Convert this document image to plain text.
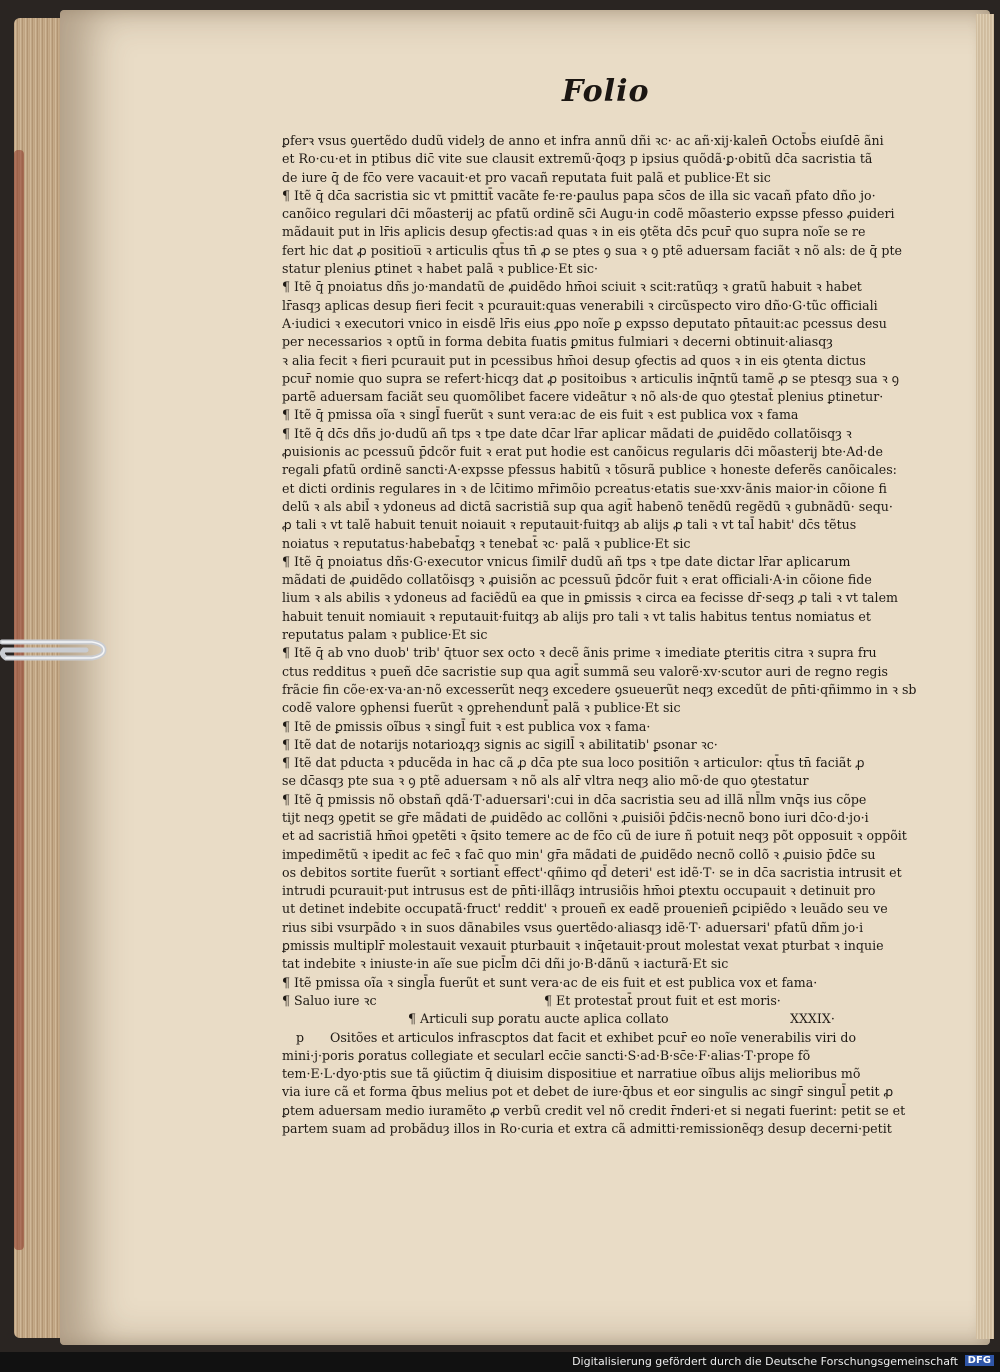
Folio
ꝑferꝛ vsus ꝯuertẽdo dudũ videlȝ de anno et infra annũ dñi ꝛc· ac añ·xij·kalen̄ Octob̄s eiuſdē ãni
et Ro·cu·et in ptibus dic̄ vite sue clausit extremũ·q̄oqȝ p ipsius quõdã·ꝑ·obitũ dc̄a sacristia tã
de iure q̄ de fc̄o vere vacauit·et pro vacañ reputata fuit palã et publice·Et sic
¶ Itẽ q̄ dc̄a sacristia sic vt pmittit̄ vacãte fe·re·ꝑaulus papa sc̄os de illa sic vacañ pfato dño jo·
canõico regulari dc̄i mõasterij ac pfatũ ordinẽ sc̄i Augu·in codẽ mõasterio expsse pfesso ꝓuideri
mãdauit put in lr̄is aplicis desup ꝯfectis:ad quas ꝛ in eis ꝯtẽta dc̄s pcur̄ quo supra noĩe se re
fert hic dat ꝓ positiou̅ ꝛ articulis qt̄us tn̄ ꝓ se ptes ꝯ sua ꝛ ꝯ ptẽ aduersam faciãt ꝛ nõ als: de q̄ pte
statur plenius ꝑtinet ꝛ habet palã ꝛ publice·Et sic·
¶ Itẽ q̄ pnoiatus dñs jo·mandatũ de ꝓuidẽdo hm̄oi sciuit ꝛ scit:ratũqȝ ꝛ gratũ habuit ꝛ habet
lr̄asqȝ aplicas desup fieri fecit ꝛ pcurauit:quas venerabili ꝛ circũspecto viro dño·G·tũc officiali
A·iudici ꝛ executori vnico in eisdẽ lr̄is eius ꝓpo noĩe ꝑ expsso deputato pn̄tauit:ac pcessus desu
per necessarios ꝛ optũ in forma debita fuatis ꝑmitus fulmiari ꝛ decerni obtinuit·aliasqȝ
ꝛ alia fecit ꝛ fieri pcurauit put in pcessibus hm̄oi desup ꝯfectis ad quos ꝛ in eis ꝯtenta dictus
pcur̄ nomie quo supra se refert·hicqȝ dat ꝓ positoibus ꝛ articulis inq̄ntũ tamẽ ꝓ se ptesqȝ sua ꝛ ꝯ
partẽ aduersam faciãt seu quomõlibet facere videãtur ꝛ nõ als·de quo ꝯtestat̄ plenius ꝑtinetur·
¶ Itẽ q̄ pmissa oĩa ꝛ singl̄ fuerũt ꝛ sunt vera:ac de eis fuit ꝛ est publica vox ꝛ fama
¶ Itẽ q̄ dc̄s dñs jo·dudũ añ tps ꝛ tpe date dc̄ar lr̄ar aplicar mãdati de ꝓuidẽdo collatõisqȝ ꝛ
ꝓuisionis ac pcessuũ p̄dcõr fuit ꝛ erat put hodie est canõicus regularis dc̄i mõasterij bte·Ad·de
regali ꝑfatũ ordinẽ sancti·A·expsse pfessus habitũ ꝛ tõsurã publice ꝛ honeste deferẽs canõicales:
et dicti ordinis regulares in ꝛ de lc̄itimo mr̄imõio pcreatus·etatis sue·xxv·ãnis maior·in cõione fi
delũ ꝛ als abil̄ ꝛ ydoneus ad dictã sacristiã sup qua agit̄ habenõ tenẽdũ regẽdũ ꝛ gubnãdũ· sequ·
ꝓ tali ꝛ vt talẽ habuit tenuit noiauit ꝛ reputauit·fuitqȝ ab alijs ꝓ tali ꝛ vt tal̄ habit' dc̄s tẽtus
noiatus ꝛ reputatus·habebat̄qȝ ꝛ tenebat̄ ꝛc· palã ꝛ publice·Et sic
¶ Itẽ q̄ pnoiatus dñs·G·executor vnicus ſimilr̄ dudũ añ tps ꝛ tpe date dictar lr̄ar aplicarum
mãdati de ꝓuidẽdo collatõisqȝ ꝛ ꝓuisiõn ac pcessuũ p̄dcõr fuit ꝛ erat officiali·A·in cõione fide
lium ꝛ als abilis ꝛ ydoneus ad faciẽdũ ea que in ꝑmissis ꝛ circa ea fecisse dr̄·seqȝ ꝓ tali ꝛ vt talem
habuit tenuit nomiauit ꝛ reputauit·fuitqȝ ab alijs pro tali ꝛ vt talis habitus tentus nomiatus et
reputatus palam ꝛ publice·Et sic
¶ Itẽ q̄ ab vno duob' trib' q̄tuor sex octo ꝛ decẽ ãnis prime ꝛ imediate ꝑteritis citra ꝛ supra fru
ctus redditus ꝛ pueñ dc̄e sacristie sup qua agit̄ summã seu valorẽ·xv·scutor auri de regno regis
frãcie fin cõe·ex·va·an·nõ excesserũt neqȝ excedere ꝯsueuerũt neqȝ excedũt de pn̄ti·qñimmo in ꝛ sb
codẽ valore ꝯphensi fuerũt ꝛ ꝯprehendunt̄ palã ꝛ publice·Et sic
¶ Itẽ de ꝑmissis oĩbus ꝛ singl̄ fuit ꝛ est publica vox ꝛ fama·
¶ Itẽ dat de notarijs notarioꝝqȝ signis ac sigill̄ ꝛ abilitatib' ꝑsonar ꝛc·
¶ Itẽ dat pducta ꝛ pducẽda in hac cã ꝓ dc̄a pte sua loco positiõn ꝛ articulor: qt̄us tn̄ faciãt ꝓ
se dc̄asqȝ pte sua ꝛ ꝯ ptẽ aduersam ꝛ nõ als alr̄ vltra neqȝ alio mõ·de quo ꝯtestatur
¶ Itẽ q̄ pmissis nõ obstañ qdã·T·aduersari':cui in dc̄a sacristia seu ad illã nl̄lm vnq̄s ius cõpe
tijt neqȝ ꝯpetit se gr̄e mãdati de ꝓuidẽdo ac collõni ꝛ ꝓuisiõi p̄dc̄is·necnõ bono iuri dc̄o·d·jo·i
et ad sacristiã hm̄oi ꝯpetẽti ꝛ q̄sito temere ac de fc̄o cũ de iure ñ potuit neqȝ põt opposuit ꝛ oppõit
impedimẽtũ ꝛ ipedit ac fec̄ ꝛ fac̄ quo min' gr̄a mãdati de ꝓuidẽdo necnõ collõ ꝛ ꝓuisio p̄dc̄e su
os debitos sortite fuerũt ꝛ sortiant̄ effect'·qñimo qd̄ deteri' est idẽ·T· se in dc̄a sacristia intrusit et
intrudi pcurauit·put intrusus est de pn̄ti·illãqȝ intrusiõis hm̄oi ꝑtextu occupauit ꝛ detinuit pro
ut detinet indebite occupatã·fruct' reddit' ꝛ proueñ ex eadẽ prouenieñ ꝑcipiẽdo ꝛ leuãdo seu ve
rius sibi vsurpãdo ꝛ in suos dãnabiles vsus ꝯuertẽdo·aliasqȝ idẽ·T· aduersari' pfatũ dñm jo·i
ꝑmissis multiplr̄ molestauit vexauit pturbauit ꝛ inq̄etauit·prout molestat vexat pturbat ꝛ inquie
tat indebite ꝛ iniuste·in aĩe sue picl̄m dc̄i dñi jo·B·dãnũ ꝛ iacturã·Et sic
¶ Itẽ pmissa oĩa ꝛ singl̄a fuerũt et sunt vera·ac de eis fuit et est publica vox et fama·
¶ Saluo iure ꝛc	¶ Et protestat̄ prout fuit et est moris·
¶ Articuli sup ꝑoratu aucte aplica collato	XXXIX·
p	Ositões et articulos infrascptos dat facit et exhibet pcur̄ eo noĩe venerabilis viri do
mini·j·poris ꝑoratus collegiate et secularl ecc̄ie sancti·S·ad·B·sc̄e·F·alias·T·prope fõ
tem·E·L·dyo·ptis sue tã ꝯiũctim q̄ diuisim dispositiue et narratiue oĩbus alijs melioribus mõ
via iure cã et forma q̄bus melius pot et debet de iure·q̄bus et eor singulis ac singr̄ singul̄ petit ꝓ
ꝑtem aduersam medio iuramẽto ꝓ verbũ credit vel nõ credit r̄nderi·et si negati fuerint: petit se et
partem suam ad probãduȝ illos in Ro·curia et extra cã admitti·remissionẽqȝ desup decerni·petit
Digitalisierung gefördert durch die Deutsche Forschungsgemeinschaft DFG
